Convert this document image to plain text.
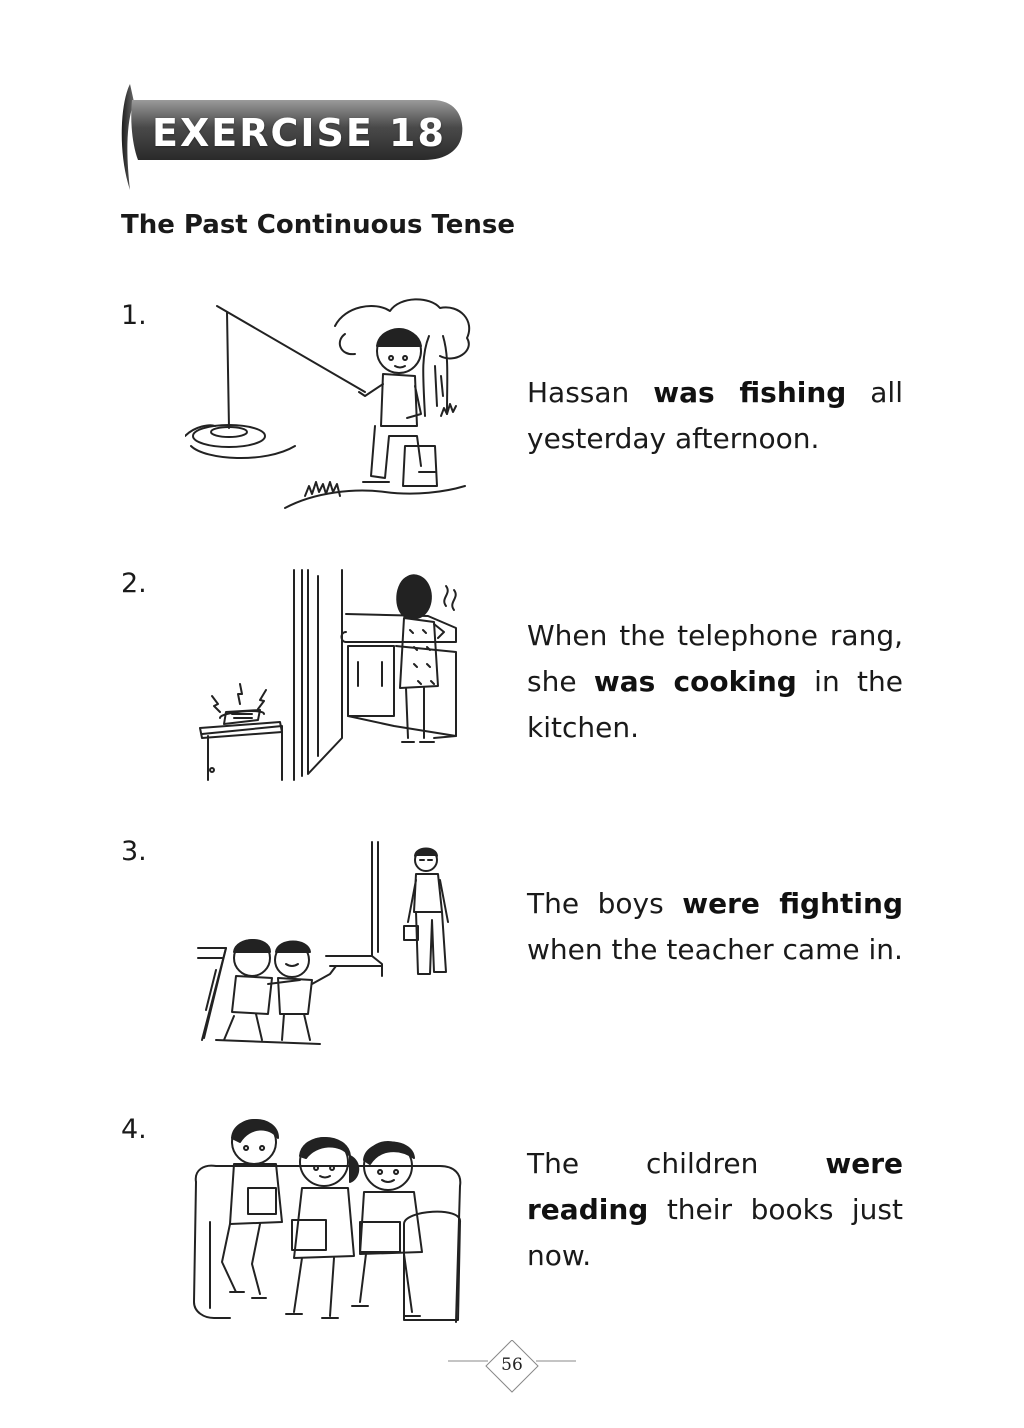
EXERCISE 18
The Past Continuous Tense
1.
Hassan was fishing all yesterday afternoon.
2.
When the telephone rang, she was cooking in the kitchen.
3.
The boys were fighting when the teacher came in.
4.
The children were reading their books just now.
56
